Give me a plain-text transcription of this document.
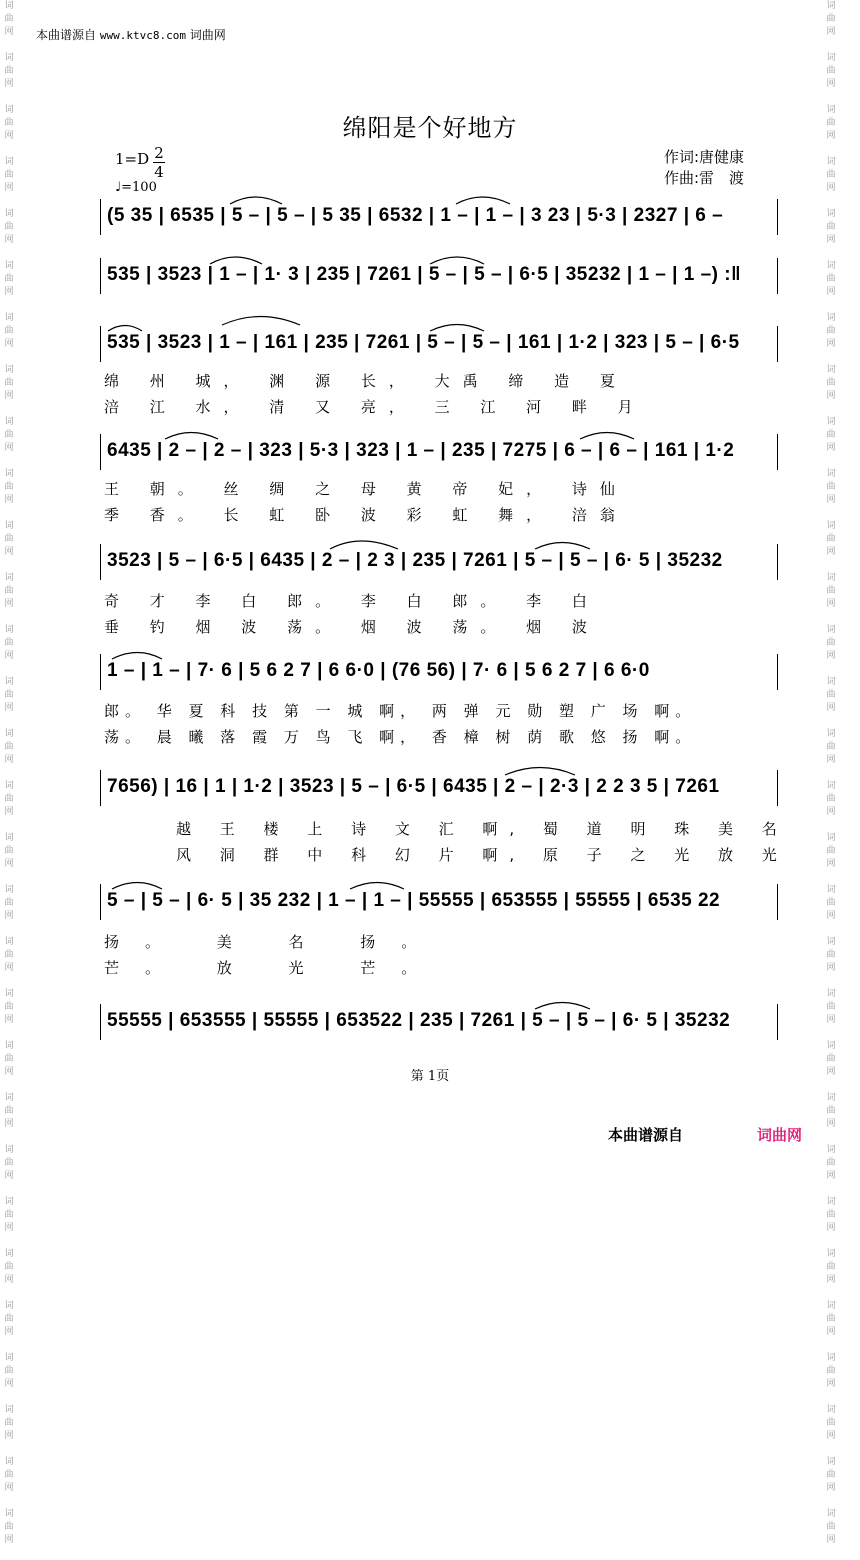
词
曲
网

词
曲
网

词
曲
网

词
曲
网

词
曲
网

词
曲
网

词
曲
网

词
曲
网

词
曲
网

词
曲
网

词
曲
网

词
曲
网

词
曲
网

词
曲
网

词
曲
网

词
曲
网

词
曲
网

词
曲
网

词
曲
网

词
曲
网

词
曲
网

词
曲
网

词
曲
网

词
曲
网

词
曲
网

词
曲
网

词
曲
网

词
曲
网

词
曲
网

词
曲
网

词
曲
网

词
曲
网

词
曲
网

词
曲
网

词
曲
网

词
曲
网

词
曲
网

词
曲
网

词
曲
网

词
曲
网

词
曲
网

词
曲
网

词
曲
网

词
曲
网

词
曲
网

词
曲
网

词
曲
网

词
曲
网

词
曲
网

词
曲
网

词
曲
网

词
曲
网

词
曲
网

词
曲
网

词
曲
网

词
曲
网

词
曲
网

词
曲
网

词
曲
网

词
曲
网

本曲谱源自 www.ktvc8.com 词曲网
绵阳是个好地方
1=D 2
4
♩=100
作词:唐健康
作曲:雷　渡
(5 35 | 6535 | 5 – | 5 – | 5 35 | 6532 | 1 – | 1 – | 3 23 | 5·3 | 2327 | 6 –
535 | 3523 | 1 – | 1· 3 | 235 | 7261 | 5 – | 5 – | 6·5 | 35232 | 1 – | 1 –) :‖
535 | 3523 | 1 – | 161 | 235 | 7261 | 5 – | 5 – | 161 | 1·2 | 323 | 5 – | 6·5
绵 州 城， 渊 源 长， 大禹 缔 造 夏
涪 江 水， 清 又 亮， 三 江 河 畔 月
6435 | 2 – | 2 – | 323 | 5·3 | 323 | 1 – | 235 | 7275 | 6 – | 6 – | 161 | 1·2
王 朝。 丝 绸 之 母 黄 帝 妃， 诗仙
季 香。 长 虹 卧 波 彩 虹 舞， 涪翁
3523 | 5 – | 6·5 | 6435 | 2 – | 2 3 | 235 | 7261 | 5 – | 5 – | 6· 5 | 35232
奇 才 李 白 郎。 李 白 郎。 李 白
垂 钓 烟 波 荡。 烟 波 荡。 烟 波
1 – | 1 – | 7· 6 | 5 6 2 7 | 6 6·0 | (76 56) | 7· 6 | 5 6 2 7 | 6 6·0
郎。 华 夏 科 技 第 一 城 啊， 两 弹 元 勋 塑 广 场 啊。
荡。 晨 曦 落 霞 万 鸟 飞 啊， 香 樟 树 荫 歌 悠 扬 啊。
7656) | 16 | 1 | 1·2 | 3523 | 5 – | 6·5 | 6435 | 2 – | 2·3 | 2 2 3 5 | 7261
越 王 楼 上 诗 文 汇 啊, 蜀 道 明 珠 美 名
风 洞 群 中 科 幻 片 啊, 原 子 之 光 放 光
5 – | 5 – | 6· 5 | 35 232 | 1 – | 1 – | 55555 | 653555 | 55555 | 6535 22
扬。 美 名 扬。
芒。 放 光 芒。
55555 | 653555 | 55555 | 653522 | 235 | 7261 | 5 – | 5 – | 6· 5 | 35232
第 1页
本曲谱源自	词曲网
